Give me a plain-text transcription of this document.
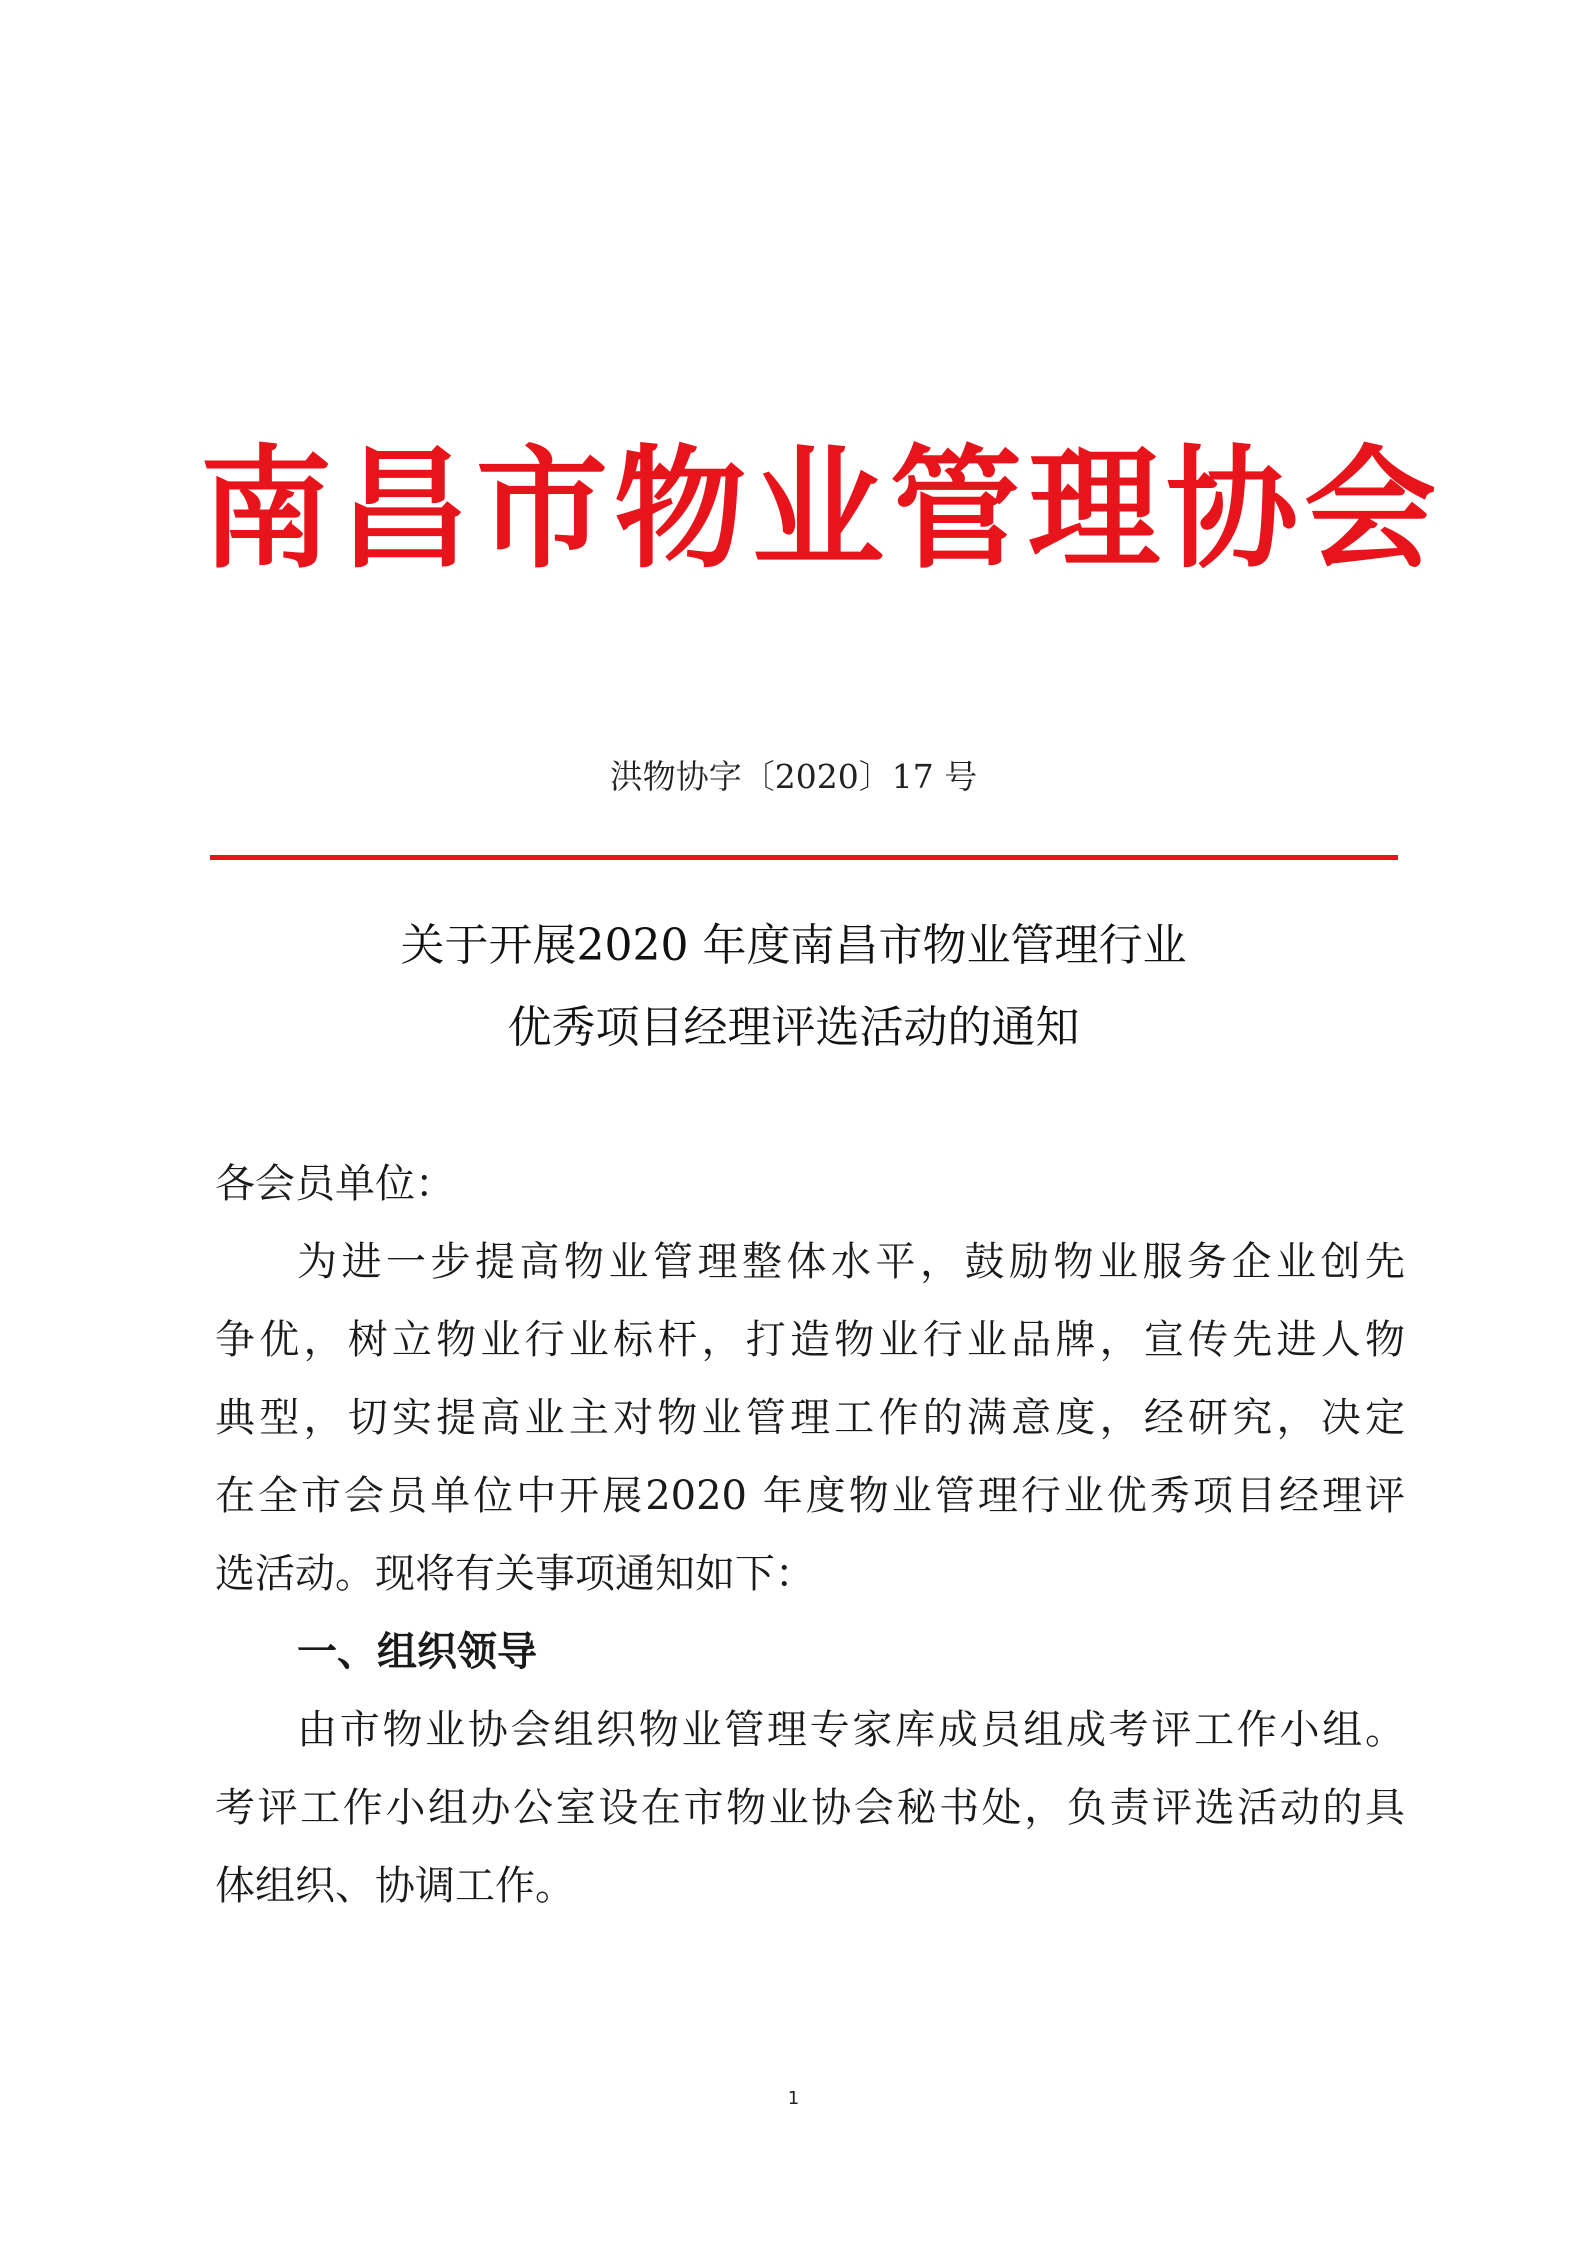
南昌市物业管理协会
洪物协字〔2020〕17 号
关于开展2020 年度南昌市物业管理行业
优秀项目经理评选活动的通知
各会员单位：
为进一步提高物业管理整体水平，鼓励物业服务企业创先
争优，树立物业行业标杆，打造物业行业品牌，宣传先进人物
典型，切实提高业主对物业管理工作的满意度，经研究，决定
在全市会员单位中开展2020 年度物业管理行业优秀项目经理评
选活动。现将有关事项通知如下：
一、组织领导
由市物业协会组织物业管理专家库成员组成考评工作小组。
考评工作小组办公室设在市物业协会秘书处，负责评选活动的具
体组织、协调工作。
1
